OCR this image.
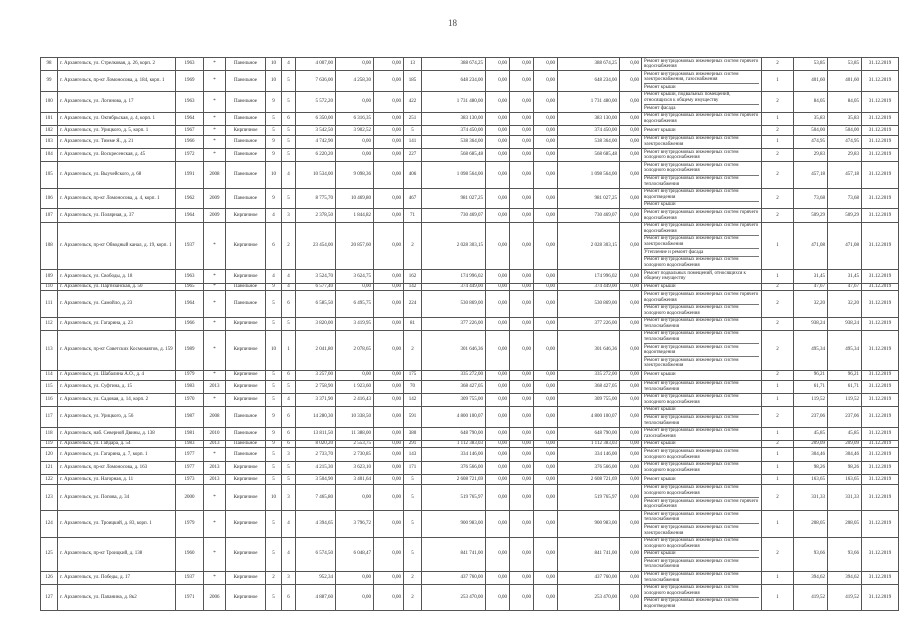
18
98	г. Архангельск, ул. Стрелковая, д. 26, корп. 2	1963	*	Панельное	10	4	4 007,00	0,00	0,00	13	388 674,25	0,00	0,00	0,00	388 674,25	0,00	Ремонт внутридомовых инженерных систем горячего водоснабжения	2	53,85	53,85	31.12.2019
99	г. Архангельск, пр-кт Ломоносова, д. 184, корп. 1	1969	*	Панельное	10	5	7 636,00	4 258,30	0,00	185	648 234,00	0,00	0,00	0,00	648 234,00	0,00	Ремонт внутридомовых инженерных систем электроснабжения, газоснабжения
Ремонт крыши	1	401,60	401,60	31.12.2019
100	г. Архангельск, ул. Логинова, д. 17	1963	*	Панельное	9	5	5 572,20	0,00	0,00	422	1 731 480,00	0,00	0,00	0,00	1 731 480,00	0,00	Ремонт крыши, подвальных помещений, относящихся к общему имуществу
Ремонт фасада	2	84,05	84,05	31.12.2019
101	г. Архангельск, ул. Октябрьская, д. 4, корп. 1	1964	*	Панельное	5	6	6 350,00	6 316,35	0,00	251	383 130,00	0,00	0,00	0,00	383 130,00	0,00	Ремонт внутридомовых инженерных систем горячего водоснабжения	1	35,83	35,83	31.12.2019
102	г. Архангельск, ул. Урицкого, д. 5, корп. 1	1967	*	Кирпичное	5	5	3 542,50	3 902,52	0,00	5	374 450,00	0,00	0,00	0,00	374 450,00	0,00	Ремонт крыши	2	504,00	504,00	31.12.2019
103	г. Архангельск, ул. Тимме Я., д. 21	1966	*	Панельное	9	5	4 742,90	0,00	0,00	141	538 364,00	0,00	0,00	0,00	538 364,00	0,00	Ремонт внутридомовых инженерных систем электроснабжения	1	474,95	474,95	31.12.2019
104	г. Архангельск, ул. Воскресенская, д. 45	1972	*	Панельное	9	5	6 220,20	0,00	0,00	227	568 685,48	0,00	0,00	0,00	568 685,48	0,00	Ремонт внутридомовых инженерных систем холодного водоснабжения	2	29,83	29,83	31.12.2019
105	г. Архангельск, ул. Выучейского, д. 68	1991	2008	Панельное	10	4	10 534,00	9 098,36	0,00	406	1 098 564,00	0,00	0,00	0,00	1 098 564,00	0,00	Ремонт внутридомовых инженерных систем холодного водоснабжения
Ремонт внутридомовых инженерных систем теплоснабжения	2	457,18	457,18	31.12.2019
106	г. Архангельск, пр-кт Ломоносова, д. 4, корп. 1	1962	2009	Панельное	9	5	8 775,70	10 469,80	0,00	467	981 027,25	0,00	0,00	0,00	981 027,25	0,00	Ремонт внутридомовых инженерных систем водоотведения
Ремонт крыши	2	73,68	73,68	31.12.2019
107	г. Архангельск, ул. Полярная, д. 37	1964	2009	Кирпичное	4	3	2 378,50	1 844,82	0,00	71	730 469,07	0,00	0,00	0,00	730 469,07	0,00	Ремонт внутридомовых инженерных систем горячего водоснабжения	2	509,29	509,29	31.12.2019
108	г. Архангельск, пр-кт Обводный канал, д. 19, корп. 1	1937	*	Кирпичное	6	2	23 454,00	20 857,60	0,00	2	2 028 303,15	0,00	0,00	0,00	2 028 303,15	0,00	Ремонт внутридомовых инженерных систем горячего водоснабжения
Ремонт внутридомовых инженерных систем электроснабжения
Утепление и ремонт фасада
Ремонт внутридомовых инженерных систем холодного водоснабжения	1	471,08	471,08	31.12.2019
109	г. Архангельск, ул. Свободы, д. 18	1963	*	Кирпичное	4	4	3 524,70	3 624,75	0,00	162	174 996,02	0,00	0,00	0,00	174 996,02	0,00	Ремонт подвальных помещений, относящихся к общему имуществу	1	31,45	31,45	31.12.2019
110	г. Архангельск, ул. Партизанская, д. 50	1965	*	Панельное	9	4	6 577,40	0,00	0,00	142	374 449,00	0,00	0,00	0,00	374 449,00	0,00	Ремонт крыши	2	47,67	47,67	31.12.2019
111	г. Архангельск, ул. Самойло, д. 23	1964	*	Панельное	5	6	6 585,50	6 495,75	0,00	224	530 869,00	0,00	0,00	0,00	530 869,00	0,00	Ремонт внутридомовых инженерных систем горячего водоснабжения
Ремонт внутридомовых инженерных систем холодного водоснабжения	2	32,20	32,20	31.12.2019
112	г. Архангельск, ул. Гагарина, д. 23	1966	*	Кирпичное	5	5	3 820,00	3 419,95	0,00	81	377 226,00	0,00	0,00	0,00	377 226,00	0,00	Ремонт внутридомовых инженерных систем теплоснабжения	2	938,24	938,24	31.12.2019
113	г. Архангельск, пр-кт Советских Космонавтов, д. 159	1989	*	Кирпичное	10	1	2 041,80	2 078,65	0,00	2	301 646,36	0,00	0,00	0,00	301 646,36	0,00	Ремонт внутридомовых инженерных систем теплоснабжения
Ремонт внутридомовых инженерных систем водоотведения
Ремонт внутридомовых инженерных систем электроснабжения	2	495,34	495,34	31.12.2019
114	г. Архангельск, ул. Шабалина А.О., д. 4	1979	*	Кирпичное	5	6	3 257,00	0,00	0,00	175	335 272,00	0,00	0,00	0,00	335 272,00	0,00	Ремонт крыши	2	96,21	96,21	31.12.2019
115	г. Архангельск, ул. Суфтина, д. 15	1983	2013	Кирпичное	5	5	2 758,90	1 923,60	0,00	70	368 427,05	0,00	0,00	0,00	368 427,05	0,00	Ремонт внутридомовых инженерных систем теплоснабжения	1	61,71	61,71	31.12.2019
116	г. Архангельск, ул. Садовая, д. 14, корп. 2	1970	*	Кирпичное	5	4	3 371,90	2 416,43	0,00	142	309 755,00	0,00	0,00	0,00	309 755,00	0,00	Ремонт внутридомовых инженерных систем холодного водоснабжения	1	119,52	119,52	31.12.2019
117	г. Архангельск, ул. Урицкого, д. 56	1987	2008	Панельное	9	6	14 280,30	10 338,50	0,00	591	4 800 100,07	0,00	0,00	0,00	4 800 100,07	0,00	Ремонт крыши
Ремонт внутридомовых инженерных систем теплоснабжения	2	237,06	237,06	31.12.2019
118	г. Архангельск, наб. Северной Двины, д. 138	1981	2010	Панельное	9	6	13 811,50	11 388,00	0,00	380	648 790,00	0,00	0,00	0,00	648 790,00	0,00	Ремонт внутридомовых инженерных систем газоснабжения	1	45,85	45,85	31.12.2019
119	г. Архангельск, ул. Гайдара, д. 54	1983	2013	Панельное	9	6	8 020,20	2 553,75	0,00	291	1 112 383,03	0,00	0,00	0,00	1 112 383,03	0,00	Ремонт крыши	2	209,09	209,09	31.12.2019
120	г. Архангельск, ул. Гагарина, д. 7, корп. 1	1977	*	Панельное	5	3	2 733,70	2 730,85	0,00	143	334 146,00	0,00	0,00	0,00	334 146,00	0,00	Ремонт внутридомовых инженерных систем холодного водоснабжения	1	304,46	304,46	31.12.2019
121	г. Архангельск, пр-кт Ломоносова, д. 163	1977	2013	Кирпичное	5	5	4 215,30	3 623,10	0,00	171	376 566,00	0,00	0,00	0,00	376 566,00	0,00	Ремонт внутридомовых инженерных систем холодного водоснабжения	1	98,26	98,26	31.12.2019
122	г. Архангельск, ул. Нагорная, д. 11	1973	2013	Кирпичное	5	5	3 504,90	3 401,64	0,00	5	2 608 721,69	0,00	0,00	0,00	2 608 721,69	0,00	Ремонт крыши	1	163,65	163,65	31.12.2019
123	г. Архангельск, ул. Попова, д. 34	2000	*	Кирпичное	10	3	7 465,80	0,00	0,00	5	519 765,97	0,00	0,00	0,00	519 765,97	0,00	Ремонт внутридомовых инженерных систем холодного водоснабжения
Ремонт внутридомовых инженерных систем горячего водоснабжения	2	331,33	331,33	31.12.2019
124	г. Архангельск, ул. Троицкий, д. 83, корп. 1	1979	*	Кирпичное	5	4	4 394,65	3 796,72	0,00	5	900 983,00	0,00	0,00	0,00	900 983,00	0,00	Ремонт внутридомовых инженерных систем теплоснабжения
Ремонт внутридомовых инженерных систем электроснабжения	1	208,05	208,05	31.12.2019
125	г. Архангельск, пр-кт Троицкий, д. 138	1960	*	Кирпичное	5	4	6 574,50	6 048,47	0,00	5	841 741,00	0,00	0,00	0,00	841 741,00	0,00	Ремонт внутридомовых инженерных систем холодного водоснабжения
Ремонт крыши
Ремонт внутридомовых инженерных систем теплоснабжения	2	93,66	93,66	31.12.2019
126	г. Архангельск, ул. Победы, д. 17	1937	*	Кирпичное	2	3	952,34	0,00	0,00	2	437 760,00	0,00	0,00	0,00	437 760,00	0,00	Ремонт внутридомовых инженерных систем теплоснабжения	1	394,62	394,62	31.12.2019
127	г. Архангельск, ул. Папанина, д. 8к2	1971	2006	Кирпичное	5	6	4 887,60	0,00	0,00	2	253 470,00	0,00	0,00	0,00	253 470,00	0,00	Ремонт внутридомовых инженерных систем холодного водоснабжения
Ремонт внутридомовых инженерных систем водоотведения	1	419,52	419,52	31.12.2019
